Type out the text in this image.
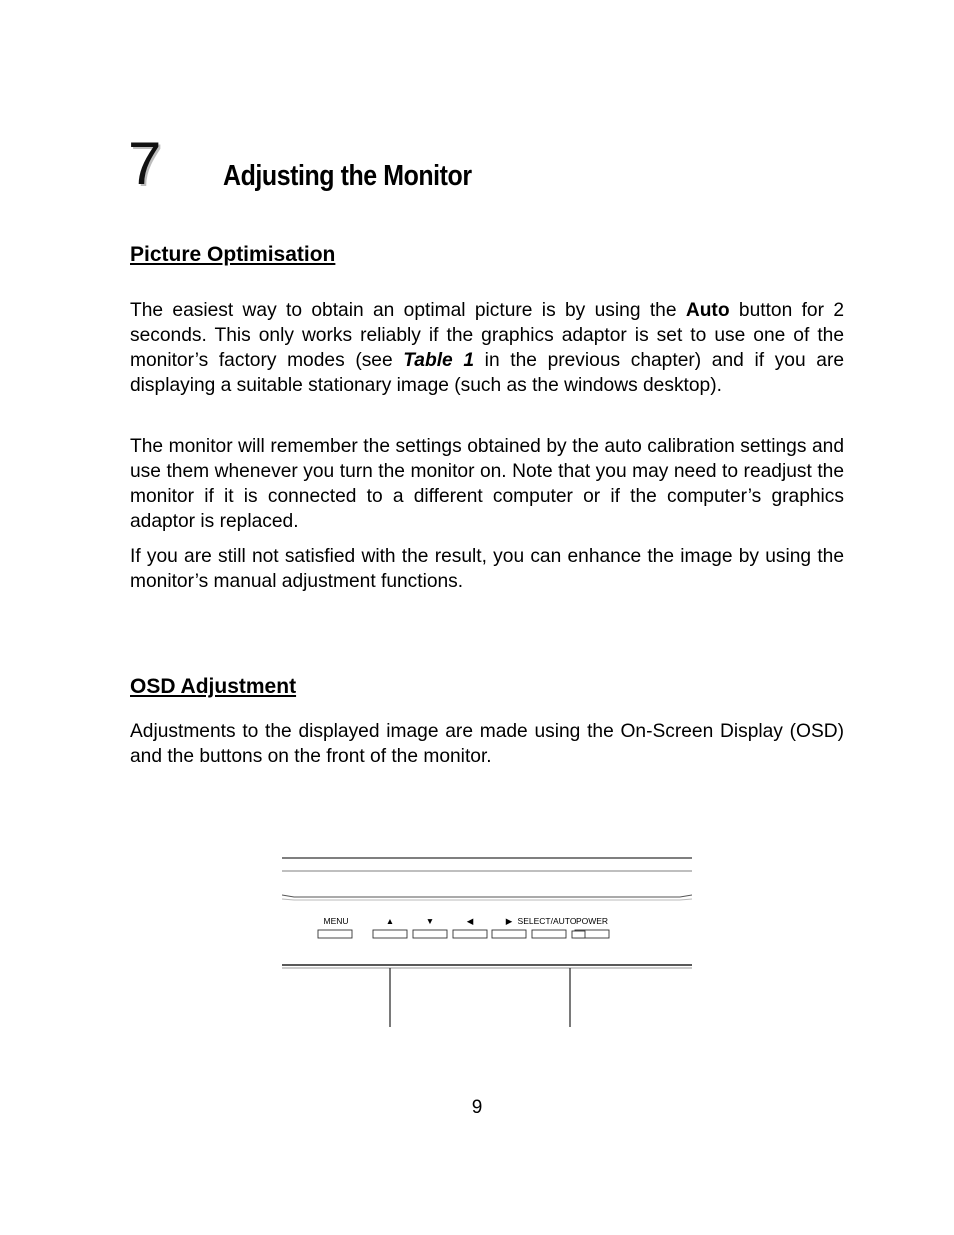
7 Adjusting the Monitor
Picture Optimisation

The easiest way to obtain an optimal picture is by using the Auto button for 2 seconds. This only works reliably if the graphics adaptor is set to use one of the monitor’s factory modes (see Table 1 in the previous chapter) and if you are displaying a suitable stationary image (such as the windows desktop).

The monitor will remember the settings obtained by the auto calibration settings and use them whenever you turn the monitor on. Note that you may need to readjust the monitor if it is connected to a different computer or if the computer’s graphics adaptor is replaced.

If you are still not satisfied with the result, you can enhance the image by using the monitor’s manual adjustment functions.

OSD Adjustment

Adjustments to the displayed image are made using the On-Screen Display (OSD) and the buttons on the front of the monitor.

MENU	▲	▼	◀	▶ SELECT/AUTO POWER
9
